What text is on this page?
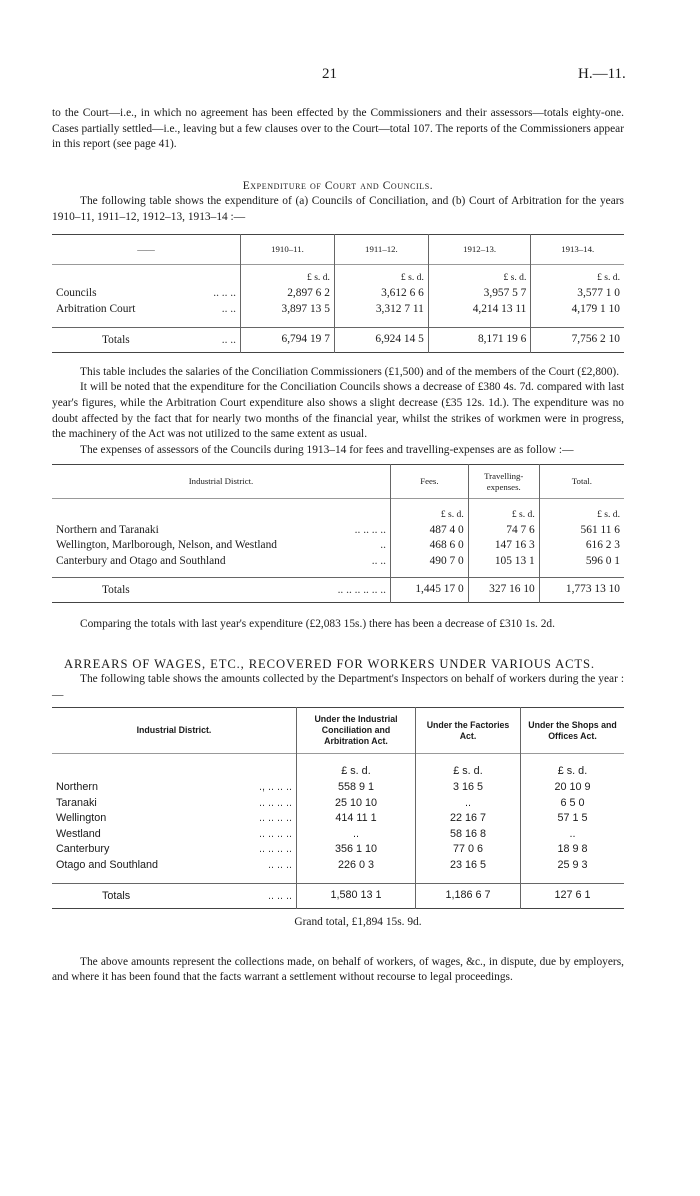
21	H.—11.

to the Court—i.e., in which no agreement has been effected by the Commissioners and their assessors—totals eighty-one. Cases partially settled—i.e., leaving but a few clauses over to the Court—total 107. The reports of the Commissioners appear in this report (see page 41).

Expenditure of Court and Councils.

The following table shows the expenditure of (a) Councils of Conciliation, and (b) Court of Arbitration for the years 1910–11, 1911–12, 1912–13, 1913–14 :—

——	1910–11.	1911–12.	1912–13.	1913–14.
	£ s. d.	£ s. d.	£ s. d.	£ s. d.

Councils	.. .. ..	2,897 6 2	3,612 6 6	3,957 5 7	3,577 1 0

Arbitration Court	.. ..	3,897 13 5	3,312 7 11	4,214 13 11	4,179 1 10

Totals	.. ..	6,794 19 7	6,924 14 5	8,171 19 6	7,756 2 10

This table includes the salaries of the Conciliation Commissioners (£1,500) and of the members of the Court (£2,800).

It will be noted that the expenditure for the Conciliation Councils shows a decrease of £380 4s. 7d. compared with last year's figures, while the Arbitration Court expenditure also shows a slight decrease (£35 12s. 1d.). The expenditure was no doubt affected by the fact that for nearly two months of the financial year, whilst the strikes of workmen were in progress, the machinery of the Act was not utilized to the same extent as usual.

The expenses of assessors of the Councils during 1913–14 for fees and travelling-expenses are as follow :—

Industrial District.	Fees.	Travelling-expenses.	Total.
	£ s. d.	£ s. d.	£ s. d.

Northern and Taranaki	.. .. .. ..	487 4 0	74 7 6	561 11 6

Wellington, Marlborough, Nelson, and Westland	..	468 6 0	147 16 3	616 2 3

Canterbury and Otago and Southland	.. ..	490 7 0	105 13 1	596 0 1

Totals	.. .. .. .. .. ..	1,445 17 0	327 16 10	1,773 13 10

Comparing the totals with last year's expenditure (£2,083 15s.) there has been a decrease of £310 1s. 2d.

ARREARS OF WAGES, ETC., RECOVERED FOR WORKERS UNDER VARIOUS ACTS.

The following table shows the amounts collected by the Department's Inspectors on behalf of workers during the year :—

Industrial District.	Under the Industrial Conciliation and Arbitration Act.	Under the Factories Act.	Under the Shops and Offices Act.
	£ s. d.	£ s. d.	£ s. d.

Northern	., .. .. ..	558 9 1	3 16 5	20 10 9

Taranaki	.. .. .. ..	25 10 10	..	6 5 0

Wellington	.. .. .. ..	414 11 1	22 16 7	57 1 5

Westland	.. .. .. ..	..	58 16 8	..

Canterbury	.. .. .. ..	356 1 10	77 0 6	18 9 8

Otago and Southland	.. .. ..	226 0 3	23 16 5	25 9 3

Totals	.. .. ..	1,580 13 1	1,186 6 7	127 6 1
Grand total, £1,894 15s. 9d.

The above amounts represent the collections made, on behalf of workers, of wages, &c., in dispute, due by employers, and where it has been found that the facts warrant a settlement without recourse to legal proceedings.
